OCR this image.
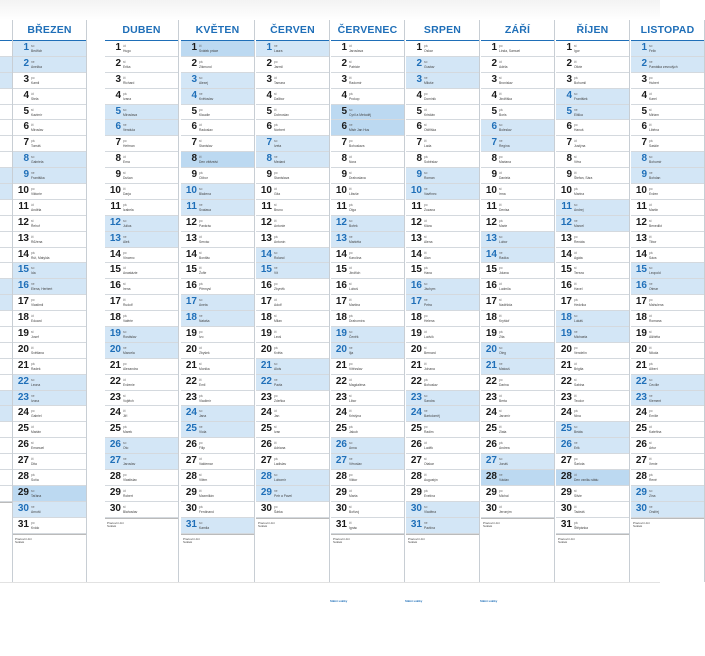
BŘEZEN
1 so
Bedřich
2 ne
Anežka
3 po
Kamil
4 út
Stela
5 st
Kazimír
6 čt
Miroslav
7 pá
Tomáš
8 so
Gabriela
9 ne
Františka
10 po
Viktorie
11 út
Anděla
12 st
Řehoř
13 čt
Růžena
14 pá
Rút, Matylda
15 so
Ida
16 ne
Elena, Herbert
17 po
Vlastimil
18 út
Eduard
19 st
Josef
20 čt
Světlana
21 pá
Radek
22 so
Leona
23 ne
Ivona
24 po
Gabriel
25 út
Marián
26 st
Emanuel
27 čt
Dita
28 pá
Soňa
29 so
Taťána
30 ne
Arnošt
31 po
Kvido
Pracovní dní
Svátek
DUBEN
1 út
Hugo
2 st
Erika
3 čt
Richard
4 pá
Ivana
5 so
Miroslava
6 ne
Vendula
7 po
Heřman
8 út
Ema
9 st
Dušan
10 čt
Darja
11 pá
Izabela
12 so
Julius
13 ne
Aleš
14 po
Vincenc
15 út
Anastázie
16 st
Irena
17 čt
Rudolf
18 pá
Valérie
19 so
Rostislav
20 ne
Marcela
21 po
Alexandra
22 út
Evženie
23 st
Vojtěch
24 čt
Jiří
25 pá
Marek
26 so
Oto
27 ne
Jaroslav
28 po
Vlastislav
29 út
Robert
30 st
Blahoslav
Pracovní dní
Svátek
KVĚTEN
1 čt
Svátek práce
2 pá
Zikmund
3 so
Alexej
4 ne
Květoslav
5 po
Klaudie
6 út
Radoslav
7 st
Stanislav
8 čt
Den vítězství
9 pá
Ctibor
10 so
Blažena
11 ne
Svatava
12 po
Pankrác
13 út
Servác
14 st
Bonifác
15 čt
Žofie
16 pá
Přemysl
17 so
Aneta
18 ne
Nataša
19 po
Ivo
20 út
Zbyšek
21 st
Monika
22 čt
Emil
23 pá
Vladimír
24 so
Jana
25 ne
Viola
26 po
Filip
27 út
Valdemar
28 st
Vilém
29 čt
Maxmilián
30 pá
Ferdinand
31 so
Kamila
Pracovní dní
Svátek
ČERVEN
1 ne
Laura
2 po
Jarmil
3 út
Tamara
4 st
Dalibor
5 čt
Dobroslav
6 pá
Norbert
7 so
Iveta
8 ne
Medard
9 po
Stanislava
10 út
Gita
11 st
Bruno
12 čt
Antonie
13 pá
Antonín
14 so
Roland
15 ne
Vít
16 po
Zbyněk
17 út
Adolf
18 st
Milan
19 čt
Leoš
20 pá
Květa
21 so
Alois
22 ne
Pavla
23 po
Zdeňka
24 út
Jan
25 st
Ivan
26 čt
Adriana
27 pá
Ladislav
28 so
Lubomír
29 ne
Petr a Pavel
30 po
Šárka
Pracovní dní
Svátek
ČERVENEC
1 út
Jaroslava
2 st
Patricie
3 čt
Radomír
4 pá
Prokop
5 so
Cyril a Metoděj
6 ne
Mistr Jan Hus
7 po
Bohuslava
8 út
Nora
9 st
Drahoslava
10 čt
Libuše
11 pá
Olga
12 so
Bořek
13 ne
Markéta
14 po
Karolína
15 út
Jindřich
16 st
Luboš
17 čt
Martina
18 pá
Drahomíra
19 so
Čeněk
20 ne
Ilja
21 po
Vítězslav
22 út
Magdaléna
23 st
Libor
24 čt
Kristýna
25 pá
Jakub
26 so
Anna
27 ne
Věroslav
28 po
Viktor
29 út
Marta
30 st
Bořivoj
31 čt
Ignác
Pracovní dní
Svátek
SRPEN
1 pá
Oskar
2 so
Gustav
3 ne
Miluše
4 po
Dominik
5 út
Kristián
6 st
Oldřiška
7 čt
Lada
8 pá
Soběslav
9 so
Roman
10 ne
Vavřinec
11 po
Zuzana
12 út
Klára
13 st
Alena
14 čt
Alan
15 pá
Hana
16 so
Jáchym
17 ne
Petra
18 po
Helena
19 út
Ludvík
20 st
Bernard
21 čt
Johana
22 pá
Bohuslav
23 so
Sandra
24 ne
Bartoloměj
25 po
Radim
26 út
Luděk
27 st
Otakar
28 čt
Augustýn
29 pá
Evelína
30 so
Vladěna
31 ne
Pavlína
Pracovní dní
Svátek
ZÁŘÍ
1 po
Linda, Samuel
2 út
Adéla
3 st
Bronislav
4 čt
Jindřiška
5 pá
Boris
6 so
Boleslav
7 ne
Regína
8 po
Mariana
9 út
Daniela
10 st
Irma
11 čt
Denisa
12 pá
Marie
13 so
Lubor
14 ne
Radka
15 po
Jolana
16 út
Ludmila
17 st
Naděžda
18 čt
Kryštof
19 pá
Zita
20 so
Oleg
21 ne
Matouš
22 po
Darina
23 út
Berta
24 st
Jaromír
25 čt
Zlata
26 pá
Andrea
27 so
Jonáš
28 ne
Václav
29 po
Michal
30 út
Jeroným
Pracovní dní
Svátek
ŘÍJEN
1 st
Igor
2 čt
Olivie
3 pá
Bohumil
4 so
František
5 ne
Eliška
6 po
Hanuš
7 út
Justýna
8 st
Věra
9 čt
Štefan, Sára
10 pá
Marina
11 so
Andrej
12 ne
Marcel
13 po
Renáta
14 út
Agáta
15 st
Tereza
16 čt
Havel
17 pá
Hedvika
18 so
Lukáš
19 ne
Michaela
20 po
Vendelín
21 út
Brigita
22 st
Sabina
23 čt
Teodor
24 pá
Nina
25 so
Beáta
26 ne
Erik
27 po
Šarlota
28 út
Den vzniku státu
29 st
Silvie
30 čt
Tadeáš
31 pá
Štěpánka
Pracovní dní
Svátek
LISTOPAD
1 so
Felix
2 ne
Památka zesnulých
3 po
Hubert
4 út
Karel
5 st
Miriam
6 čt
Liběna
7 pá
Saskie
8 so
Bohumír
9 ne
Bohdan
10 po
Evžen
11 út
Martin
12 st
Benedikt
13 čt
Tibor
14 pá
Sáva
15 so
Leopold
16 ne
Otmar
17 po
Mahulena
18 út
Romana
19 st
Alžběta
20 čt
Nikola
21 pá
Albert
22 so
Cecílie
23 ne
Klement
24 po
Emílie
25 út
Kateřina
26 st
Artur
27 čt
Xenie
28 pá
René
29 so
Zina
30 ne
Ondřej
Pracovní dní
Svátek
Státní svátky	Státní svátky	Státní svátky
